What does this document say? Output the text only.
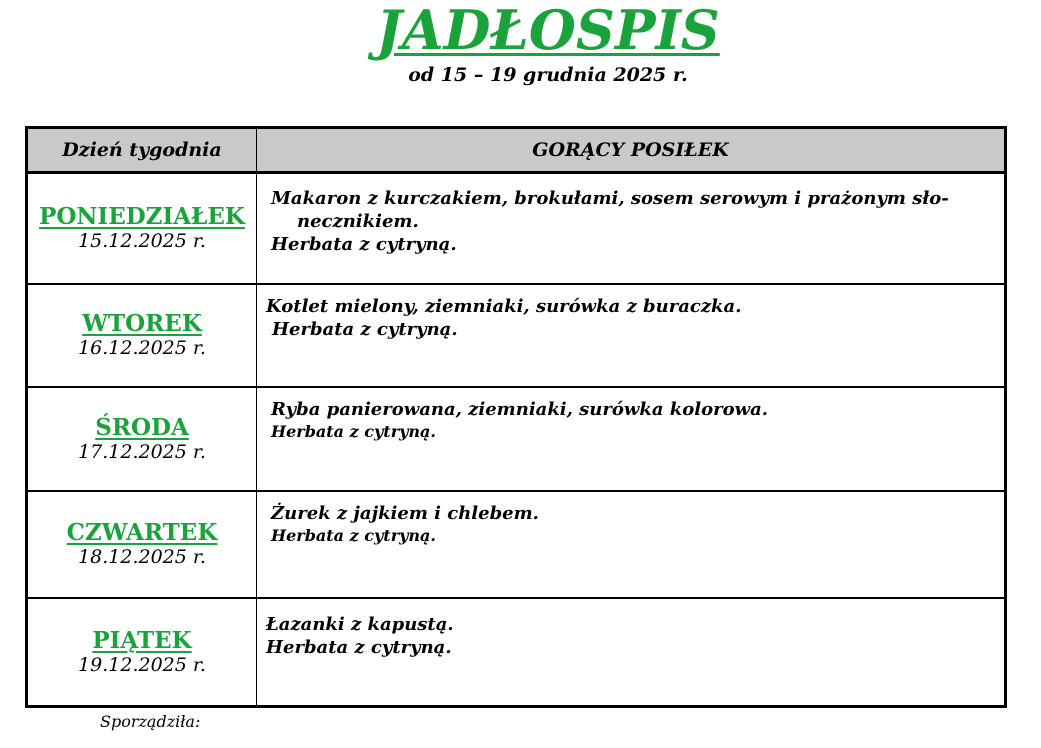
JADŁOSPIS
od 15 – 19 grudnia 2025 r.
Dzień tygodnia	GORĄCY POSIŁEK

PONIEDZIAŁEK
15.12.2025 r.	Makaron z kurczakiem, brokułami, sosem serowym i prażonym sło-
necznikiem.
Herbata z cytryną.

WTOREK
16.12.2025 r.	Kotlet mielony, ziemniaki, surówka z buraczka.
Herbata z cytryną.

ŚRODA
17.12.2025 r.	Ryba panierowana, ziemniaki, surówka kolorowa.
Herbata z cytryną.

CZWARTEK
18.12.2025 r.	Żurek z jajkiem i chlebem.
Herbata z cytryną.

PIĄTEK
19.12.2025 r.	Łazanki z kapustą.
Herbata z cytryną.
Sporządziła:
